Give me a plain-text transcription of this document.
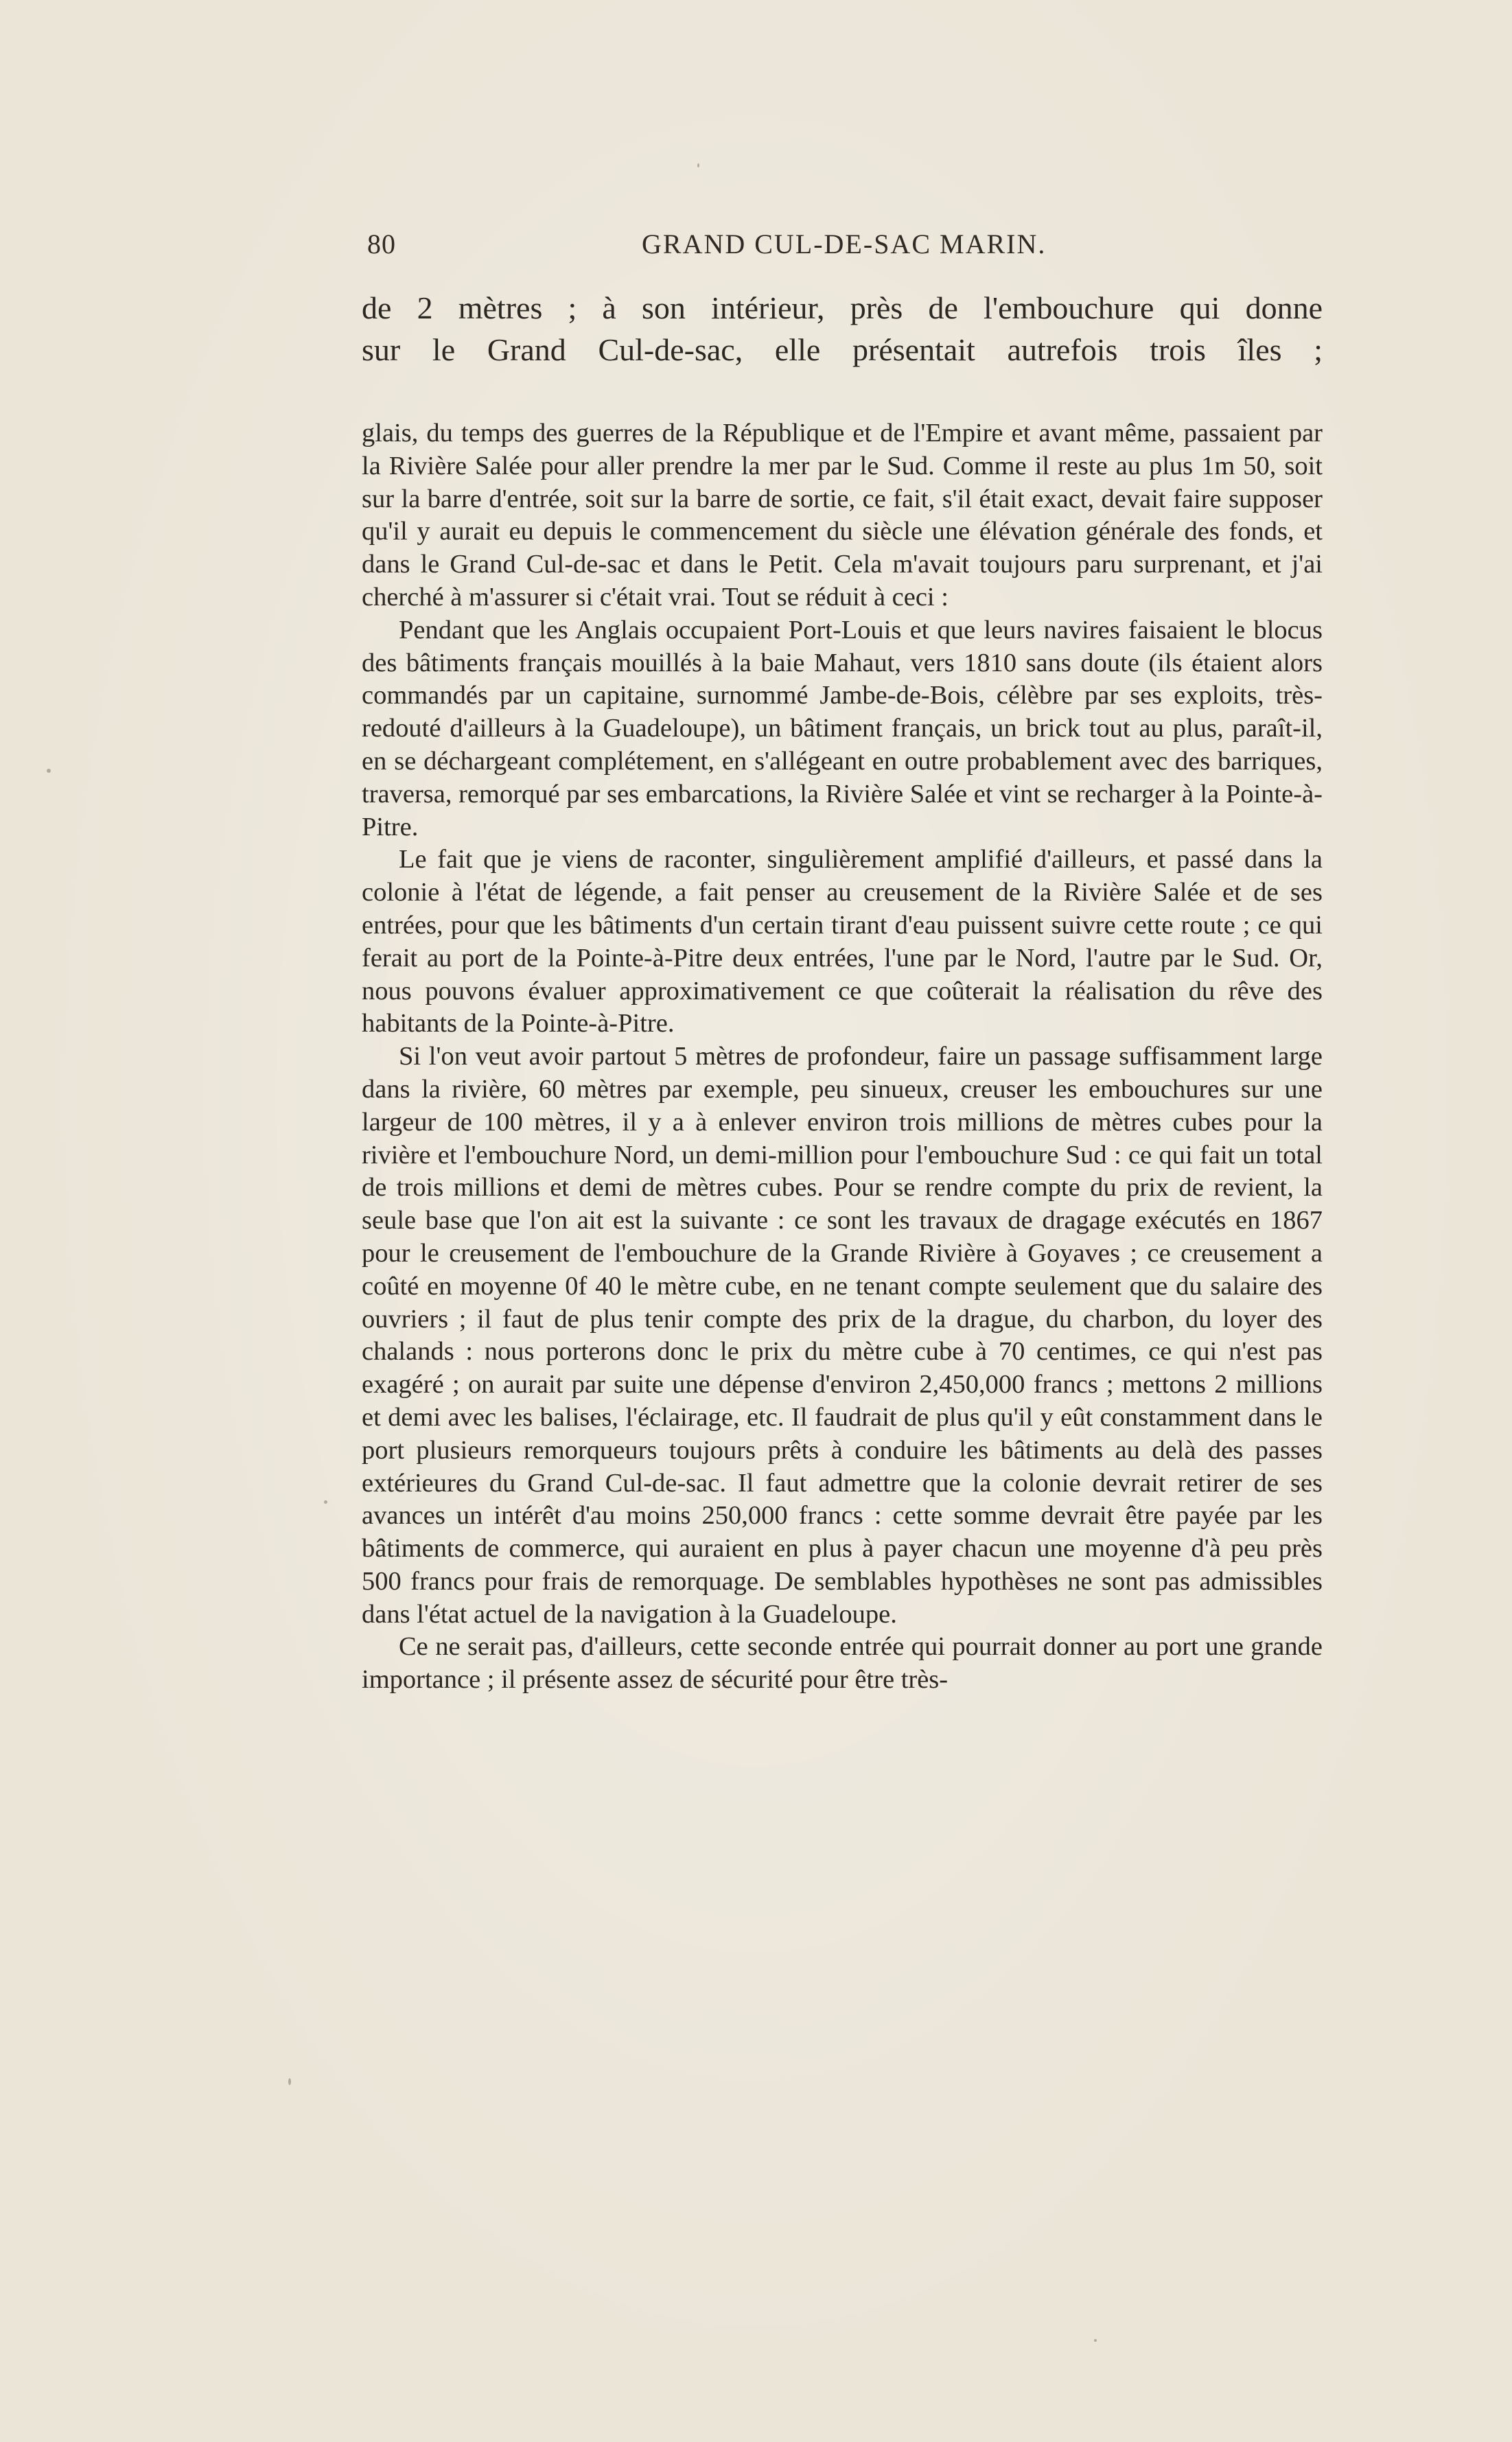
80	GRAND CUL-DE-SAC MARIN.

de 2 mètres ; à son intérieur, près de l'embouchure qui donne

sur le Grand Cul-de-sac, elle présentait autrefois trois îles ;

glais, du temps des guerres de la République et de l'Empire et avant même, passaient par la Rivière Salée pour aller prendre la mer par le Sud. Comme il reste au plus 1m 50, soit sur la barre d'entrée, soit sur la barre de sortie, ce fait, s'il était exact, devait faire supposer qu'il y aurait eu depuis le commencement du siècle une élévation générale des fonds, et dans le Grand Cul-de-sac et dans le Petit. Cela m'avait toujours paru surprenant, et j'ai cherché à m'assurer si c'était vrai. Tout se réduit à ceci :

Pendant que les Anglais occupaient Port-Louis et que leurs navires faisaient le blocus des bâtiments français mouillés à la baie Mahaut, vers 1810 sans doute (ils étaient alors commandés par un capitaine, surnommé Jambe-de-Bois, célèbre par ses exploits, très-redouté d'ailleurs à la Guadeloupe), un bâtiment français, un brick tout au plus, paraît-il, en se déchargeant complétement, en s'allégeant en outre probablement avec des barriques, traversa, remorqué par ses embarcations, la Rivière Salée et vint se recharger à la Pointe-à-Pitre.

Le fait que je viens de raconter, singulièrement amplifié d'ailleurs, et passé dans la colonie à l'état de légende, a fait penser au creusement de la Rivière Salée et de ses entrées, pour que les bâtiments d'un certain tirant d'eau puissent suivre cette route ; ce qui ferait au port de la Pointe-à-Pitre deux entrées, l'une par le Nord, l'autre par le Sud. Or, nous pouvons évaluer approximativement ce que coûterait la réalisation du rêve des habitants de la Pointe-à-Pitre.

Si l'on veut avoir partout 5 mètres de profondeur, faire un passage suffisamment large dans la rivière, 60 mètres par exemple, peu sinueux, creuser les embouchures sur une largeur de 100 mètres, il y a à enlever environ trois millions de mètres cubes pour la rivière et l'embouchure Nord, un demi-million pour l'embouchure Sud : ce qui fait un total de trois millions et demi de mètres cubes. Pour se rendre compte du prix de revient, la seule base que l'on ait est la suivante : ce sont les travaux de dragage exécutés en 1867 pour le creusement de l'embouchure de la Grande Rivière à Goyaves ; ce creusement a coûté en moyenne 0f 40 le mètre cube, en ne tenant compte seulement que du salaire des ouvriers ; il faut de plus tenir compte des prix de la drague, du charbon, du loyer des chalands : nous porterons donc le prix du mètre cube à 70 centimes, ce qui n'est pas exagéré ; on aurait par suite une dépense d'environ 2,450,000 francs ; mettons 2 millions et demi avec les balises, l'éclairage, etc. Il faudrait de plus qu'il y eût constamment dans le port plusieurs remorqueurs toujours prêts à conduire les bâtiments au delà des passes extérieures du Grand Cul-de-sac. Il faut admettre que la colonie devrait retirer de ses avances un intérêt d'au moins 250,000 francs : cette somme devrait être payée par les bâtiments de commerce, qui auraient en plus à payer chacun une moyenne d'à peu près 500 francs pour frais de remorquage. De semblables hypothèses ne sont pas admissibles dans l'état actuel de la navigation à la Guadeloupe.

Ce ne serait pas, d'ailleurs, cette seconde entrée qui pourrait donner au port une grande importance ; il présente assez de sécurité pour être très-
